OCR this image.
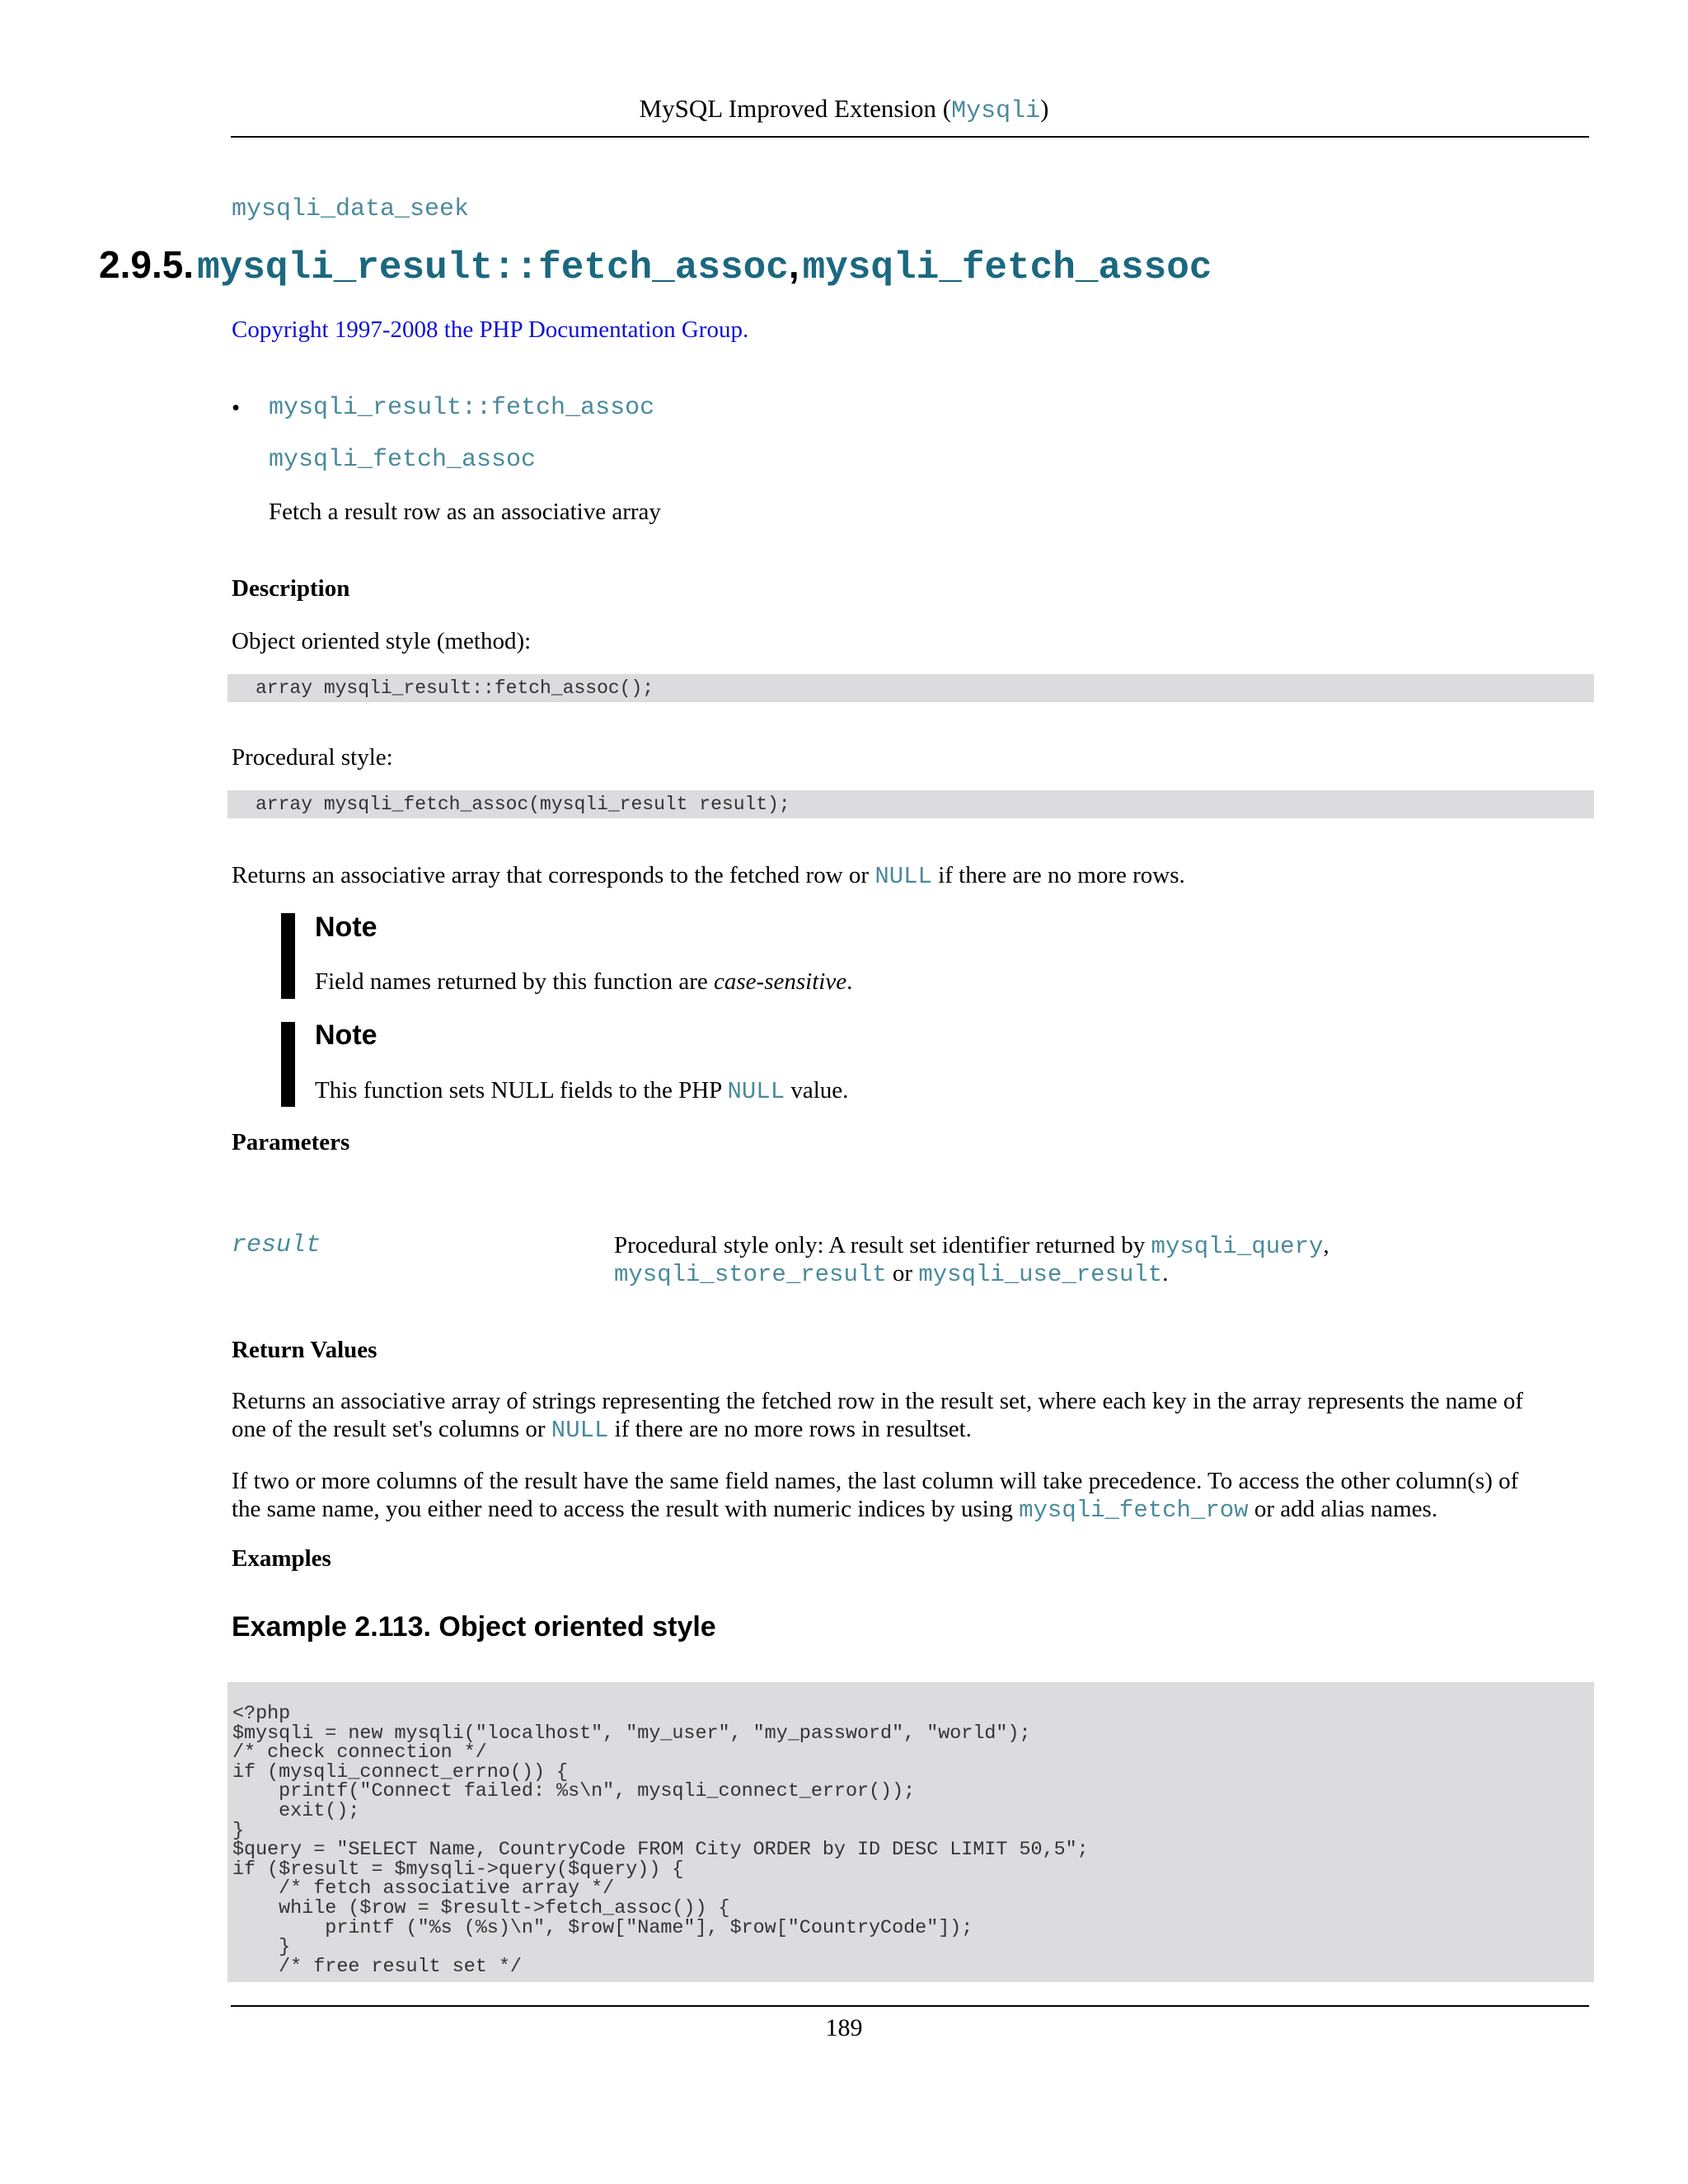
MySQL Improved Extension (Mysqli)
mysqli_data_seek
2.9.5. mysqli_result::fetch_assoc, mysqli_fetch_assoc
Copyright 1997-2008 the PHP Documentation Group.
• mysqli_result::fetch_assoc
mysqli_fetch_assoc
Fetch a result row as an associative array
Description
Object oriented style (method):
array mysqli_result::fetch_assoc();
Procedural style:
array mysqli_fetch_assoc(mysqli_result result);
Returns an associative array that corresponds to the fetched row or NULL if there are no more rows.
Note
Field names returned by this function are case-sensitive.
Note
This function sets NULL fields to the PHP NULL value.
Parameters
result	Procedural style only: A result set identifier returned by mysqli_query,
mysqli_store_result or mysqli_use_result.
Return Values
Returns an associative array of strings representing the fetched row in the result set, where each key in the array represents the name of
one of the result set's columns or NULL if there are no more rows in resultset.
If two or more columns of the result have the same field names, the last column will take precedence. To access the other column(s) of
the same name, you either need to access the result with numeric indices by using mysqli_fetch_row or add alias names.
Examples
Example 2.113. Object oriented style
<?php
$mysqli = new mysqli("localhost", "my_user", "my_password", "world");
/* check connection */
if (mysqli_connect_errno()) {
printf("Connect failed: %s\n", mysqli_connect_error());
exit();
}
$query = "SELECT Name, CountryCode FROM City ORDER by ID DESC LIMIT 50,5";
if ($result = $mysqli->query($query)) {
/* fetch associative array */
while ($row = $result->fetch_assoc()) {
printf ("%s (%s)\n", $row["Name"], $row["CountryCode"]);
}
/* free result set */
189
